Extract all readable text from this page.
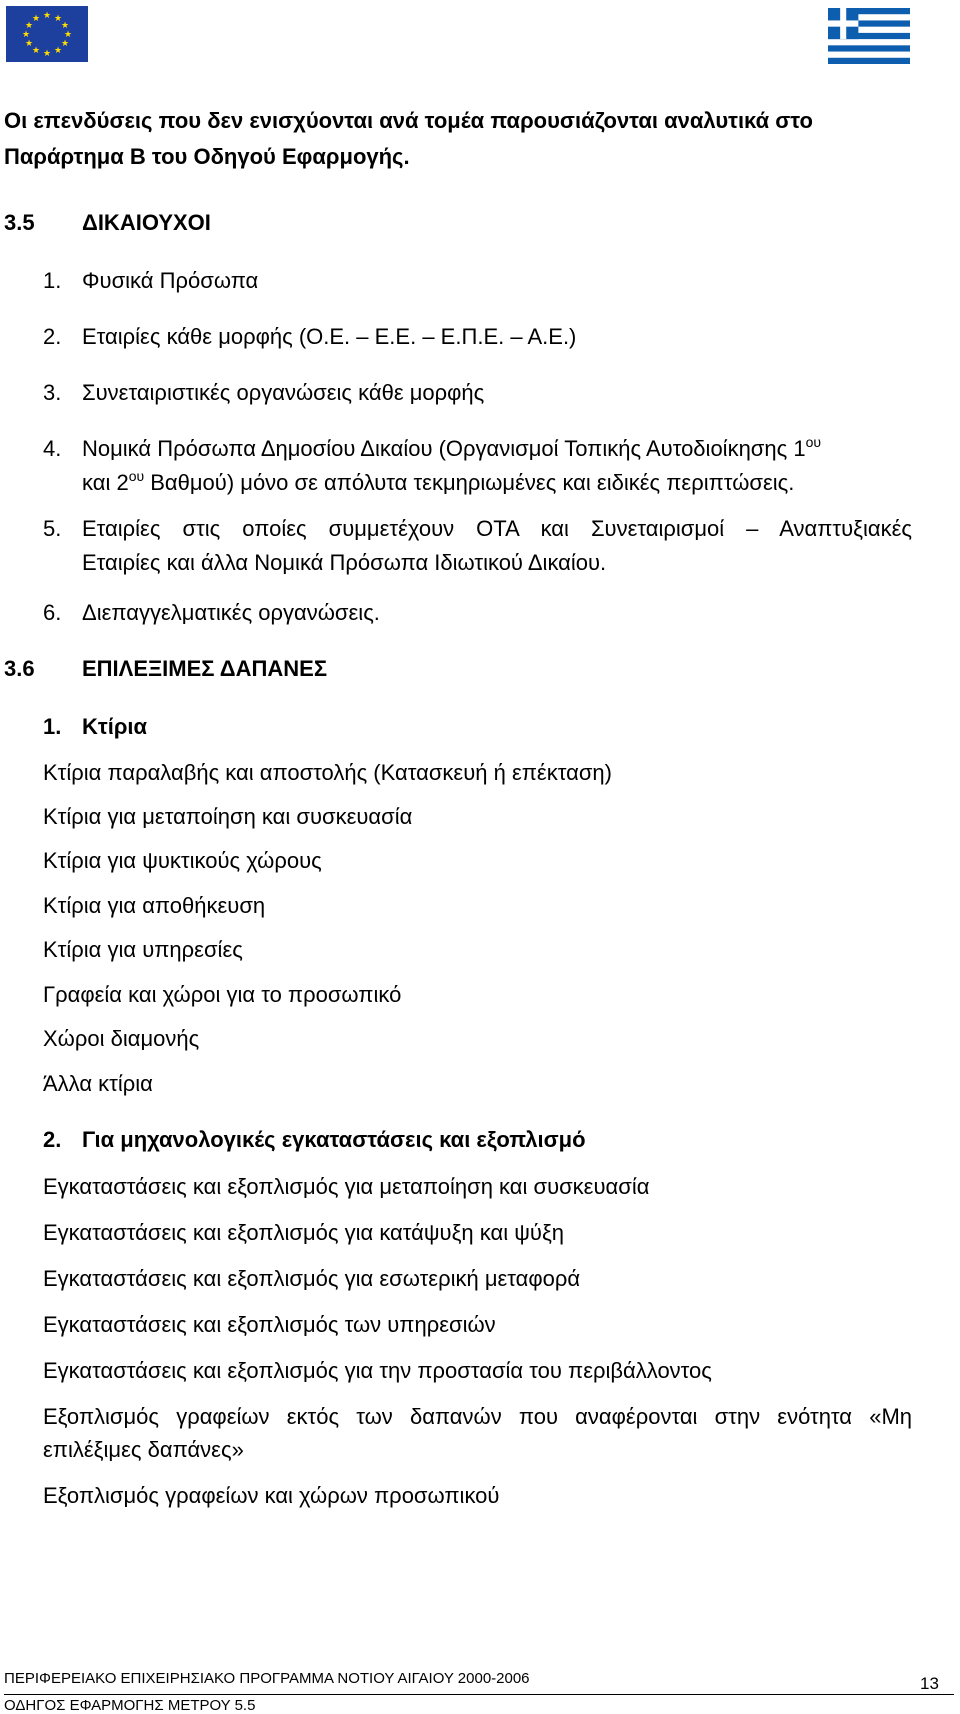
★ ★
★
★
★
★
★
★
★
★
★
★
Οι επενδύσεις που δεν ενισχύονται ανά τομέα παρουσιάζονται αναλυτικά στο
Παράρτημα Β του Οδηγού Εφαρμογής.
3.5 ΔΙΚΑΙΟΥΧΟΙ
1. Φυσικά Πρόσωπα
2. Εταιρίες κάθε μορφής (Ο.Ε. – Ε.Ε. – Ε.Π.Ε. – Α.Ε.)
3. Συνεταιριστικές οργανώσεις κάθε μορφής
4. Νομικά Πρόσωπα Δημοσίου Δικαίου (Οργανισμοί Τοπικής Αυτοδιοίκησης $1^{o\upsilon}$
και $2^{o\upsilon}$ Βαθμού) μόνο σε απόλυτα τεκμηριωμένες και ειδικές περιπτώσεις.
5. Εταιρίες στις οποίες συμμετέχουν ΟΤΑ και Συνεταιρισμοί – Αναπτυξιακές
Εταιρίες και άλλα Νομικά Πρόσωπα Ιδιωτικού Δικαίου.
6. Διεπαγγελματικές οργανώσεις.
3.6 ΕΠΙΛΕΞΙΜΕΣ ΔΑΠΑΝΕΣ
1. Κτίρια
Κτίρια παραλαβής και αποστολής (Κατασκευή ή επέκταση)
Κτίρια για μεταποίηση και συσκευασία
Κτίρια για ψυκτικούς χώρους
Κτίρια για αποθήκευση
Κτίρια για υπηρεσίες
Γραφεία και χώροι για το προσωπικό
Χώροι διαμονής
Άλλα κτίρια
2. Για μηχανολογικές εγκαταστάσεις και εξοπλισμό
Εγκαταστάσεις και εξοπλισμός για μεταποίηση και συσκευασία
Εγκαταστάσεις και εξοπλισμός για κατάψυξη και ψύξη
Εγκαταστάσεις και εξοπλισμός για εσωτερική μεταφορά
Εγκαταστάσεις και εξοπλισμός των υπηρεσιών
Εγκαταστάσεις και εξοπλισμός για την προστασία του περιβάλλοντος
Εξοπλισμός γραφείων εκτός των δαπανών που αναφέρονται στην ενότητα «Μη
επιλέξιμες δαπάνες»
Εξοπλισμός γραφείων και χώρων προσωπικού
ΠΕΡΙΦΕΡΕΙΑΚΟ ΕΠΙΧΕΙΡΗΣΙΑΚΟ ΠΡΟΓΡΑΜΜΑ ΝΟΤΙΟΥ ΑΙΓΑΙΟΥ 2000-2006	13
ΟΔΗΓΟΣ ΕΦΑΡΜΟΓΗΣ ΜΕΤΡΟΥ 5.5
